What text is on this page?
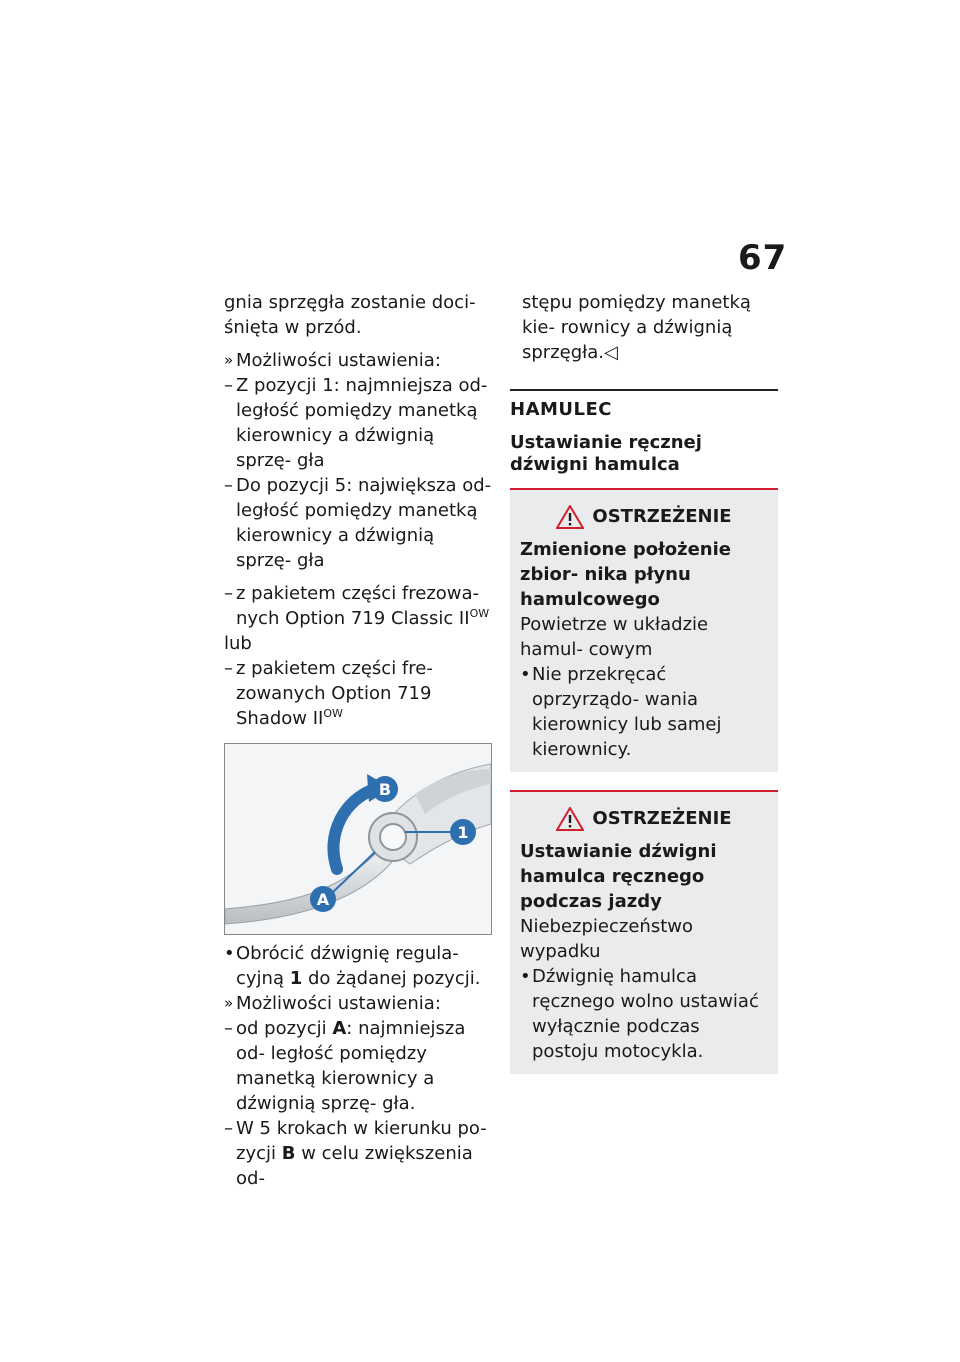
67

gnia sprzęgła zostanie doci- śnięta w przód.

» Możliwości ustawienia:

– Z pozycji 1: najmniejsza od- ległość pomiędzy manetką kierownicy a dźwignią sprzę- gła

– Do pozycji 5: największa od- ległość pomiędzy manetką kierownicy a dźwignią sprzę- gła

– z pakietem części frezowa- nych Option 719 Classic $II^{OW}$

lub

– z pakietem części fre- zowanych Option 719 Shadow $II^{OW}$

1
B
A

• Obrócić dźwignię regula- cyjną 1 do żądanej pozycji.

» Możliwości ustawienia:

– od pozycji A: najmniejsza od- ległość pomiędzy manetką kierownicy a dźwignią sprzę- gła.

– W 5 krokach w kierunku po- zycji B w celu zwiększenia od-

stępu pomiędzy manetką kie- rownicy a dźwignią sprzęgła.◁

HAMULEC
Ustawianie ręcznej dźwigni hamulca
OSTRZEŻENIE

Zmienione położenie zbior- nika płynu hamulcowego

Powietrze w układzie hamul- cowym

• Nie przekręcać oprzyrządo- wania kierownicy lub samej kierownicy.

OSTRZEŻENIE

Ustawianie dźwigni hamulca ręcznego podczas jazdy

Niebezpieczeństwo wypadku

• Dźwignię hamulca ręcznego wolno ustawiać wyłącznie podczas postoju motocykla.
